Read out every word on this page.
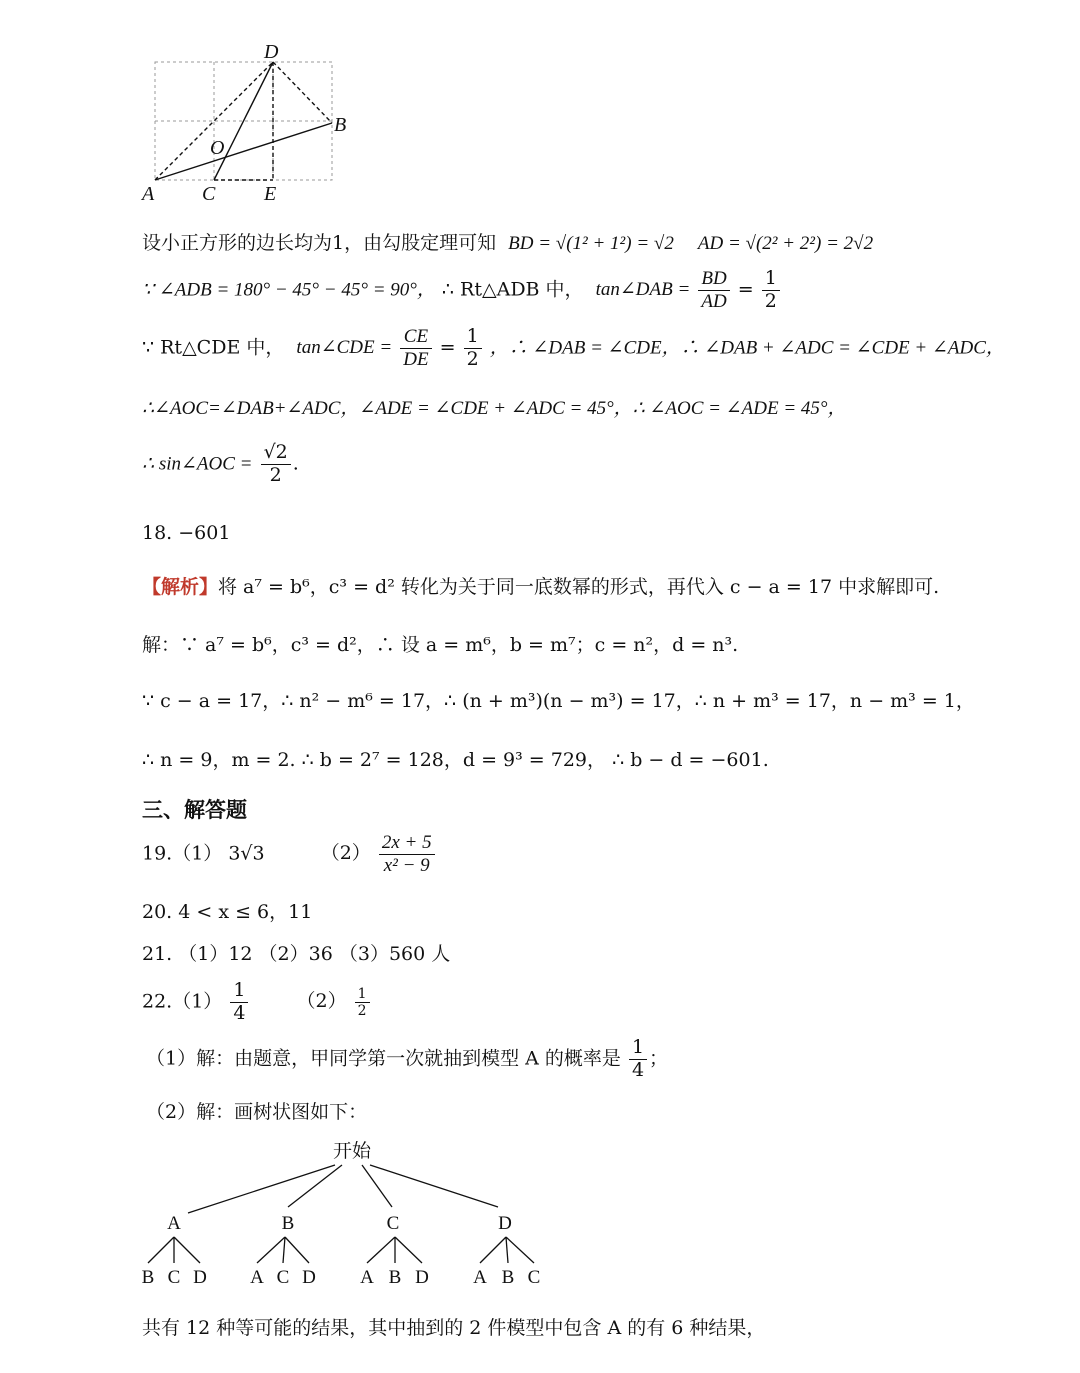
D
B
O
A C E
设小正方形的边长均为1，由勾股定理可知 BD = √(1² + 1²) = √2 AD = √(2² + 2²) = 2√2
∵ ∠ADB = 180° − 45° − 45° = 90°， ∴ Rt△ADB 中， tan∠DAB = $\frac{BD}{AD} = \frac{1}{2}$
∵ Rt△CDE 中， tan∠CDE = $\frac{CE}{DE} = \frac{1}{2}$ ，∴ ∠DAB = ∠CDE，∴ ∠DAB + ∠ADC = ∠CDE + ∠ADC，
∴∠AOC=∠DAB+∠ADC，∠ADE = ∠CDE + ∠ADC = 45°，∴ ∠AOC = ∠ADE = 45°，
∴ sin∠AOC = $\frac{√2}{2}$ .
18. −601
【解析】将 a⁷ = b⁶，c³ = d² 转化为关于同一底数幂的形式，再代入 c − a = 17 中求解即可.
解：∵ a⁷ = b⁶，c³ = d²，∴ 设 a = m⁶，b = m⁷；c = n²，d = n³.
∵ c − a = 17，∴ n² − m⁶ = 17，∴ (n + m³)(n − m³) = 17，∴ n + m³ = 17，n − m³ = 1，
∴ n = 9，m = 2. ∴ b = 2⁷ = 128，d = 9³ = 729， ∴ b − d = −601.
三、解答题
19.（1） 3√3	$(2) \frac{2x + 5}{\text{x² − 9}}$
20. 4 < x ≤ 6，11
21. （1）12 （2）36 （3）560 人
$22.(1) \frac{1}{4}$	$(2) \frac{1}{2}$
（1）解：由题意，甲同学第一次就抽到模型 A 的概率是 $\frac{1}{4}$ ；
（2）解：画树状图如下：
开始
A	B	C	D
B C D A C D A B D A B C
共有 12 种等可能的结果，其中抽到的 2 件模型中包含 A 的有 6 种结果，
